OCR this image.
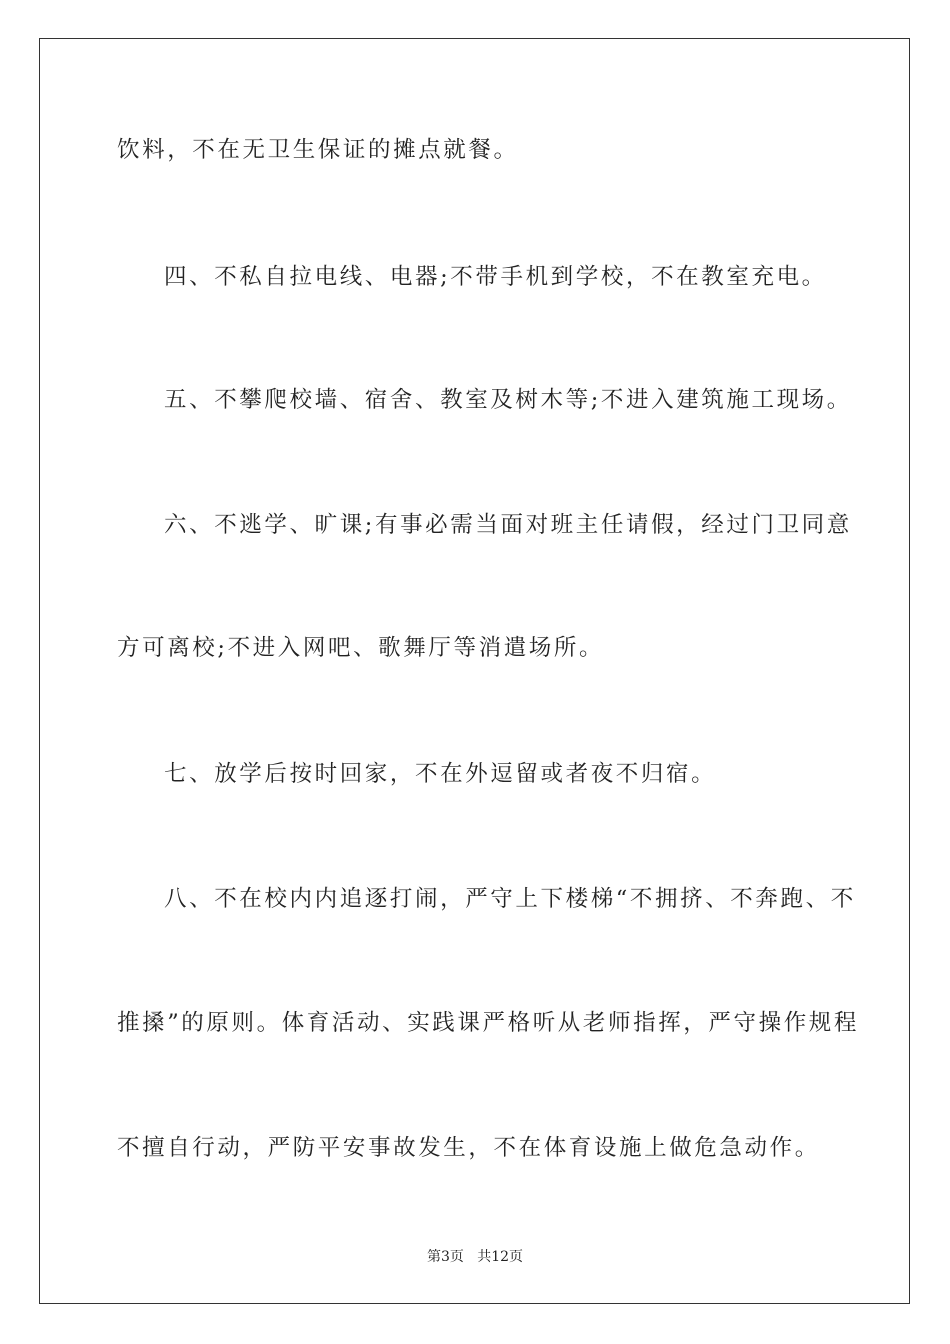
饮料，不在无卫生保证的摊点就餐。
四、不私自拉电线、电器;不带手机到学校，不在教室充电。
五、不攀爬校墙、宿舍、教室及树木等;不进入建筑施工现场。
六、不逃学、旷课;有事必需当面对班主任请假，经过门卫同意
方可离校;不进入网吧、歌舞厅等消遣场所。
七、放学后按时回家，不在外逗留或者夜不归宿。
八、不在校内内追逐打闹，严守上下楼梯“不拥挤、不奔跑、不
推搡”的原则。体育活动、实践课严格听从老师指挥，严守操作规程
不擅自行动，严防平安事故发生，不在体育设施上做危急动作。
第3页   共12页
